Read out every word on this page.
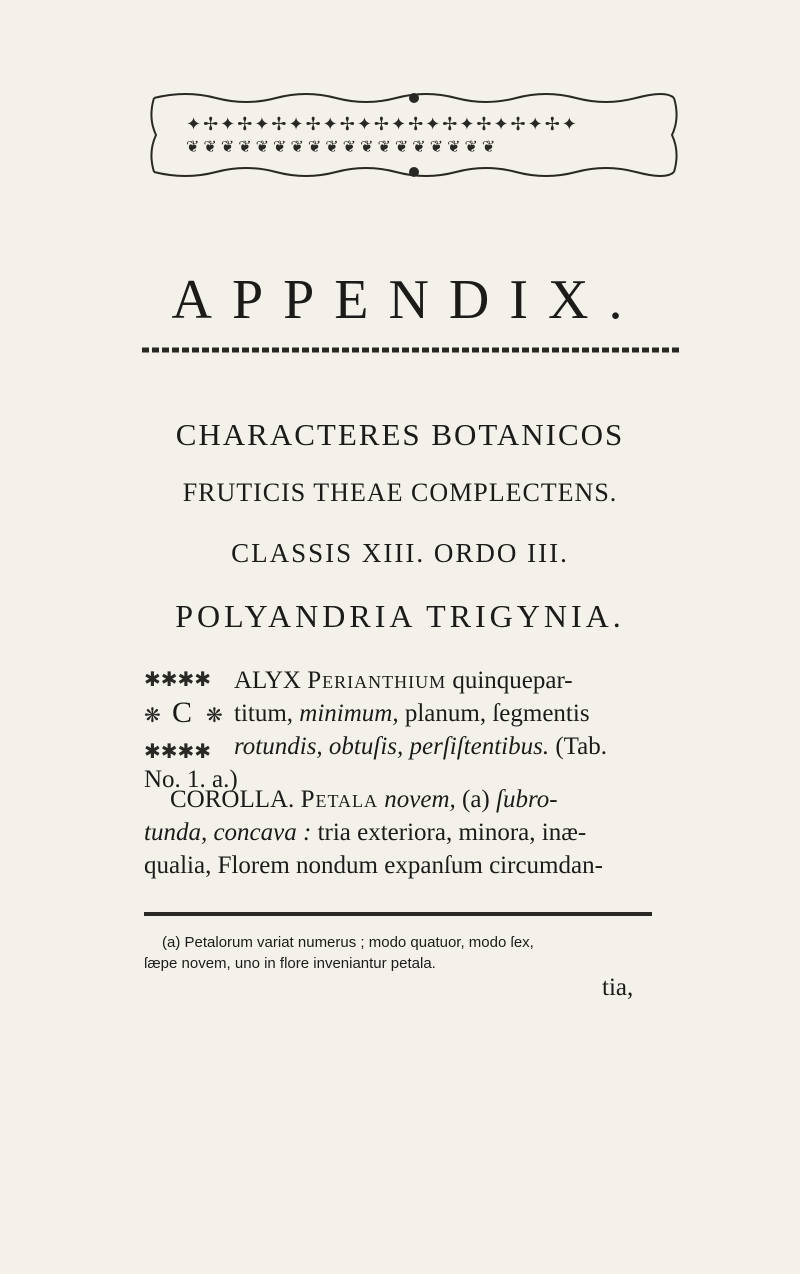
✦✢✦✢✦✢✦✢✦✢✦✢✦✢✦✢✦✢✦✢✦✢✦
❦❦❦❦❦❦❦❦❦❦❦❦❦❦❦❦❦❦
APPENDIX.
CHARACTERES BOTANICOS
FRUTICIS THEAE COMPLECTENS.
CLASSIS XIII. ORDO III.
POLYANDRIA TRIGYNIA.
✱✱✱✱
✱✱✱✱
❋ ❋
C
ALYX Perianthium quinquepar-
titum, minimum, planum, ſegmentis
rotundis, obtuſis, perſiſtentibus. (Tab.
No. 1. a.)
COROLLA. Petala novem, (a) ſubro-
tunda, concava : tria exteriora, minora, inæ-
qualia, Florem nondum expanſum circumdan-
(a) Petalorum variat numerus ; modo quatuor, modo ſex,
ſæpe novem, uno in flore inveniantur petala.
tia,
